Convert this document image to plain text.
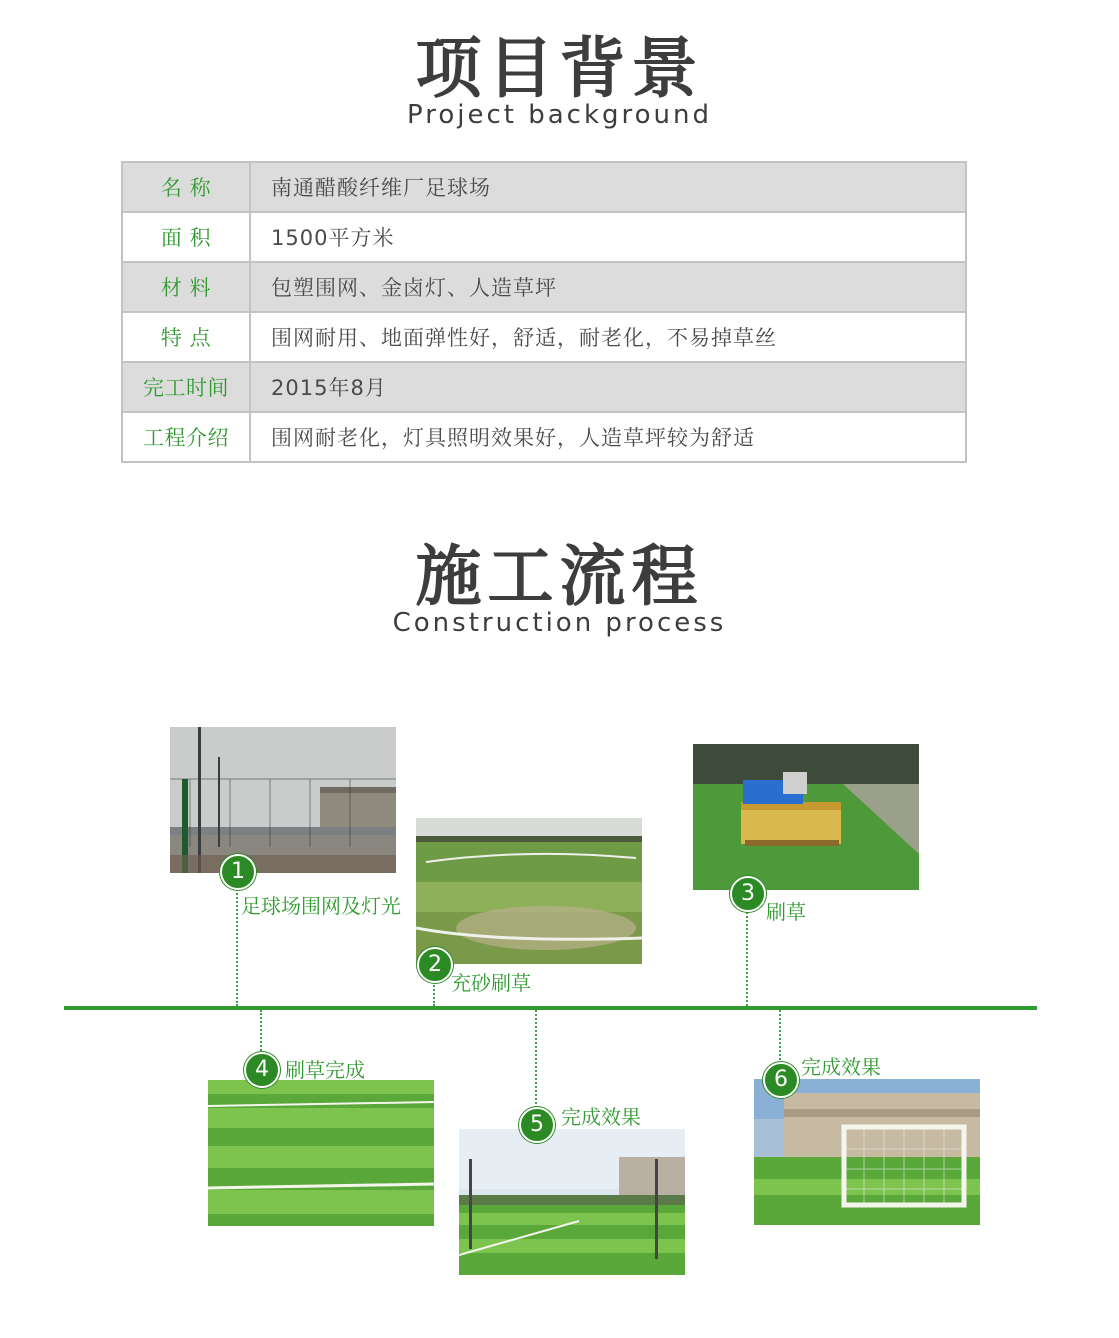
项目背景
Project background
名 称	南通醋酸纤维厂足球场
面 积	1500平方米
材 料	包塑围网、金卤灯、人造草坪
特 点	围网耐用、地面弹性好，舒适，耐老化，不易掉草丝
完工时间	2015年8月
工程介绍	围网耐老化，灯具照明效果好，人造草坪较为舒适
施工流程
Construction process
1
足球场围网及灯光
2
充砂刷草
3
刷草
4 刷草完成
5 完成效果
6 完成效果
